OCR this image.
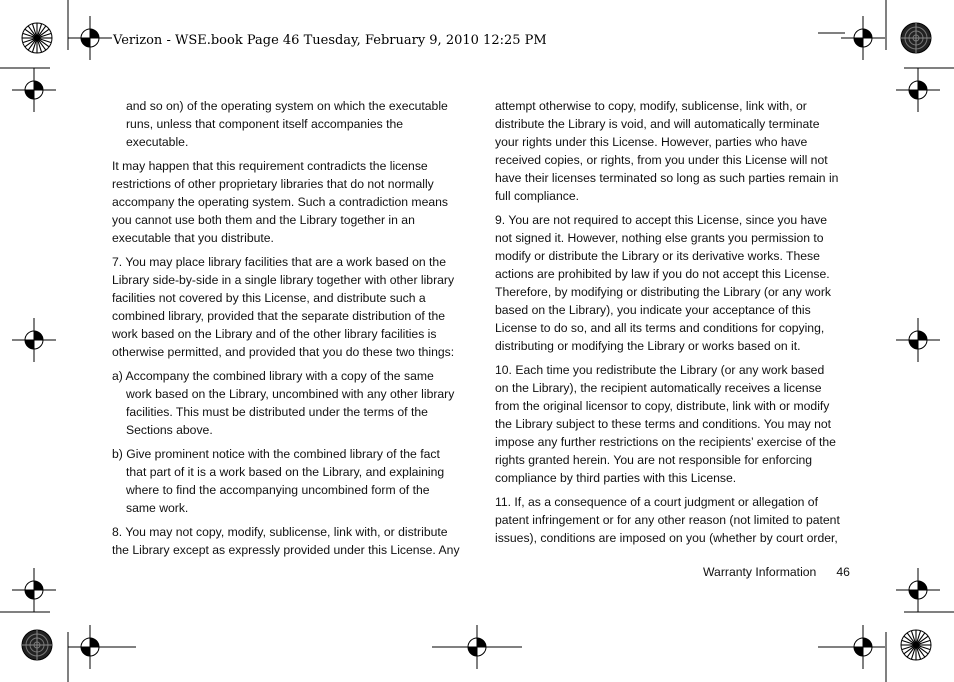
Verizon - WSE.book Page 46 Tuesday, February 9, 2010 12:25 PM

and so on) of the operating system on which the executable runs, unless that component itself accompanies the executable.

It may happen that this requirement contradicts the license restrictions of other proprietary libraries that do not normally accompany the operating system. Such a contradiction means you cannot use both them and the Library together in an executable that you distribute.

7. You may place library facilities that are a work based on the Library side-by-side in a single library together with other library facilities not covered by this License, and distribute such a combined library, provided that the separate distribution of the work based on the Library and of the other library facilities is otherwise permitted, and provided that you do these two things:

a) Accompany the combined library with a copy of the same work based on the Library, uncombined with any other library facilities. This must be distributed under the terms of the Sections above.

b) Give prominent notice with the combined library of the fact that part of it is a work based on the Library, and explaining where to find the accompanying uncombined form of the same work.

8. You may not copy, modify, sublicense, link with, or distribute the Library except as expressly provided under this License. Any

attempt otherwise to copy, modify, sublicense, link with, or distribute the Library is void, and will automatically terminate your rights under this License. However, parties who have received copies, or rights, from you under this License will not have their licenses terminated so long as such parties remain in full compliance.

9. You are not required to accept this License, since you have not signed it. However, nothing else grants you permission to modify or distribute the Library or its derivative works. These actions are prohibited by law if you do not accept this License. Therefore, by modifying or distributing the Library (or any work based on the Library), you indicate your acceptance of this License to do so, and all its terms and conditions for copying, distributing or modifying the Library or works based on it.

10. Each time you redistribute the Library (or any work based on the Library), the recipient automatically receives a license from the original licensor to copy, distribute, link with or modify the Library subject to these terms and conditions. You may not impose any further restrictions on the recipients’ exercise of the rights granted herein. You are not responsible for enforcing compliance by third parties with this License.

11. If, as a consequence of a court judgment or allegation of patent infringement or for any other reason (not limited to patent issues), conditions are imposed on you (whether by court order,

Warranty Information 46
